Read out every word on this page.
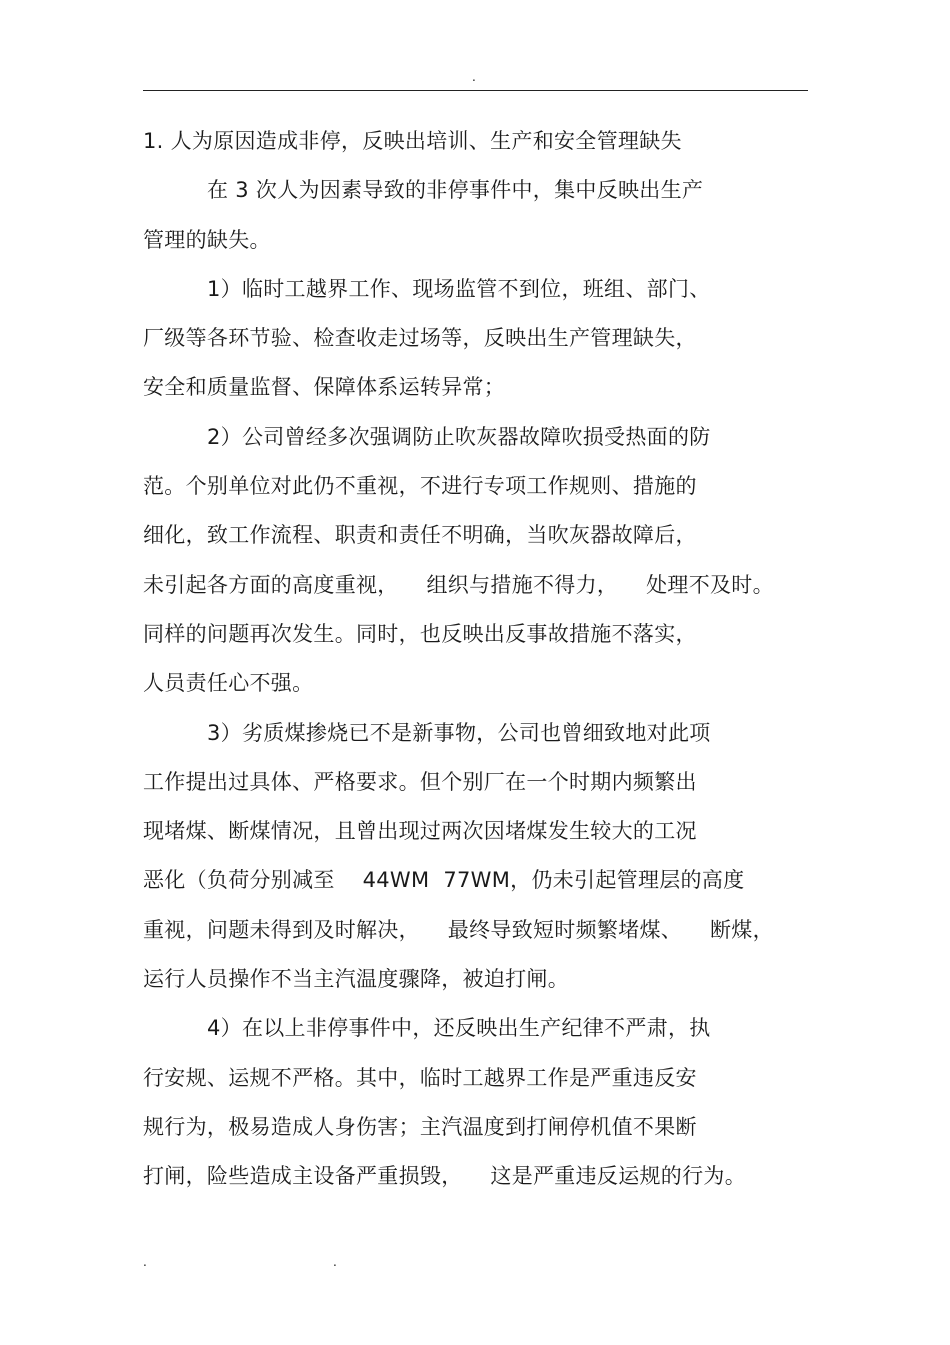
.
1. 人为原因造成非停，反映出培训、生产和安全管理缺失
在 3 次人为因素导致的非停事件中，集中反映出生产
管理的缺失。
1）临时工越界工作、现场监管不到位，班组、部门、
厂级等各环节验、检查收走过场等，反映出生产管理缺失，
安全和质量监督、保障体系运转异常；
2）公司曾经多次强调防止吹灰器故障吹损受热面的防
范。个别单位对此仍不重视，不进行专项工作规则、措施的
细化，致工作流程、职责和责任不明确，当吹灰器故障后，
未引起各方面的高度重视，    组织与措施不得力，    处理不及时。
同样的问题再次发生。同时，也反映出反事故措施不落实，
人员责任心不强。
3）劣质煤掺烧已不是新事物，公司也曾细致地对此项
工作提出过具体、严格要求。但个别厂在一个时期内频繁出
现堵煤、断煤情况，且曾出现过两次因堵煤发生较大的工况
恶化（负荷分别减至    44WM  77WM，仍未引起管理层的高度
重视，问题未得到及时解决，    最终导致短时频繁堵煤、    断煤，
运行人员操作不当主汽温度骤降，被迫打闸。
4）在以上非停事件中，还反映出生产纪律不严肃，执
行安规、运规不严格。其中，临时工越界工作是严重违反安
规行为，极易造成人身伤害；主汽温度到打闸停机值不果断
打闸，险些造成主设备严重损毁，    这是严重违反运规的行为。
.	.
